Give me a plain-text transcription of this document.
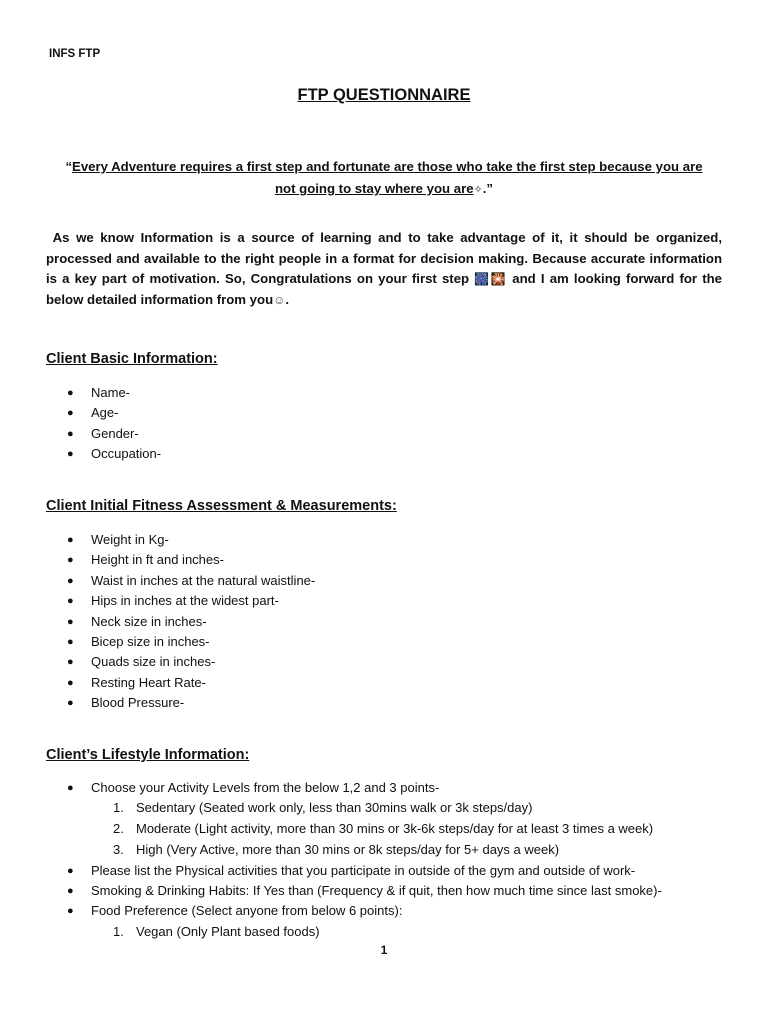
INFS FTP
FTP QUESTIONNAIRE
“Every Adventure requires a first step and fortunate are those who take the first step because you are
not going to stay where you are✧.”
As we know Information is a source of learning and to take advantage of it, it should be organized, processed and available to the right people in a format for decision making. Because accurate information is a key part of motivation. So, Congratulations on your first step 🎆🎇 and I am looking forward for the below detailed information from you☺.
Client Basic Information:
● Name-
● Age-
● Gender-
● Occupation-
Client Initial Fitness Assessment & Measurements:
● Weight in Kg-
● Height in ft and inches-
● Waist in inches at the natural waistline-
● Hips in inches at the widest part-
● Neck size in inches-
● Bicep size in inches-
● Quads size in inches-
● Resting Heart Rate-
● Blood Pressure-
Client’s Lifestyle Information:
● Choose your Activity Levels from the below 1,2 and 3 points-
1. Sedentary (Seated work only, less than 30mins walk or 3k steps/day)
2. Moderate (Light activity, more than 30 mins or 3k-6k steps/day for at least 3 times a week)
3. High (Very Active, more than 30 mins or 8k steps/day for 5+ days a week)
● Please list the Physical activities that you participate in outside of the gym and outside of work-
● Smoking & Drinking Habits: If Yes than (Frequency & if quit, then how much time since last smoke)-
● Food Preference (Select anyone from below 6 points):
1. Vegan (Only Plant based foods)
1
